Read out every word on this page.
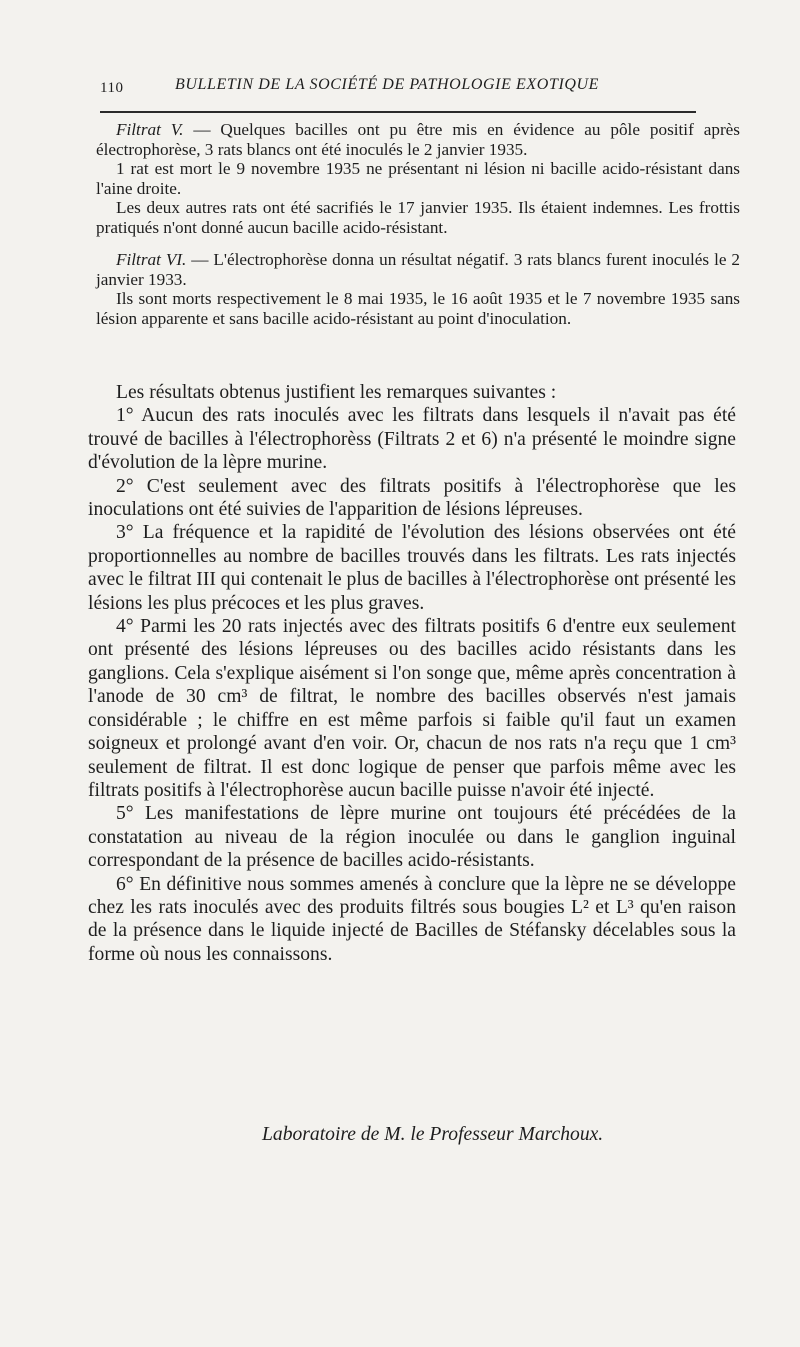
110	BULLETIN DE LA SOCIÉTÉ DE PATHOLOGIE EXOTIQUE

Filtrat V. — Quelques bacilles ont pu être mis en évidence au pôle positif après électrophorèse, 3 rats blancs ont été inoculés le 2 janvier 1935.

1 rat est mort le 9 novembre 1935 ne présentant ni lésion ni bacille acido-résistant dans l'aine droite.

Les deux autres rats ont été sacrifiés le 17 janvier 1935. Ils étaient indemnes. Les frottis pratiqués n'ont donné aucun bacille acido-résistant.

Filtrat VI. — L'électrophorèse donna un résultat négatif. 3 rats blancs furent inoculés le 2 janvier 1933.

Ils sont morts respectivement le 8 mai 1935, le 16 août 1935 et le 7 novembre 1935 sans lésion apparente et sans bacille acido-résistant au point d'inoculation.

Les résultats obtenus justifient les remarques suivantes :

1° Aucun des rats inoculés avec les filtrats dans lesquels il n'avait pas été trouvé de bacilles à l'électrophorèss (Filtrats 2 et 6) n'a présenté le moindre signe d'évolution de la lèpre murine.

2° C'est seulement avec des filtrats positifs à l'électrophorèse que les inoculations ont été suivies de l'apparition de lésions lépreuses.

3° La fréquence et la rapidité de l'évolution des lésions observées ont été proportionnelles au nombre de bacilles trouvés dans les filtrats. Les rats injectés avec le filtrat III qui contenait le plus de bacilles à l'électrophorèse ont présenté les lésions les plus précoces et les plus graves.

4° Parmi les 20 rats injectés avec des filtrats positifs 6 d'entre eux seulement ont présenté des lésions lépreuses ou des bacilles acido résistants dans les ganglions. Cela s'explique aisément si l'on songe que, même après concentration à l'anode de 30 cm³ de filtrat, le nombre des bacilles observés n'est jamais considérable ; le chiffre en est même parfois si faible qu'il faut un examen soigneux et prolongé avant d'en voir. Or, chacun de nos rats n'a reçu que 1 cm³ seulement de filtrat. Il est donc logique de penser que parfois même avec les filtrats positifs à l'électrophorèse aucun bacille puisse n'avoir été injecté.

5° Les manifestations de lèpre murine ont toujours été précédées de la constatation au niveau de la région inoculée ou dans le ganglion inguinal correspondant de la présence de bacilles acido-résistants.

6° En définitive nous sommes amenés à conclure que la lèpre ne se développe chez les rats inoculés avec des produits filtrés sous bougies L² et L³ qu'en raison de la présence dans le liquide injecté de Bacilles de Stéfansky décelables sous la forme où nous les connaissons.

Laboratoire de M. le Professeur Marchoux.
